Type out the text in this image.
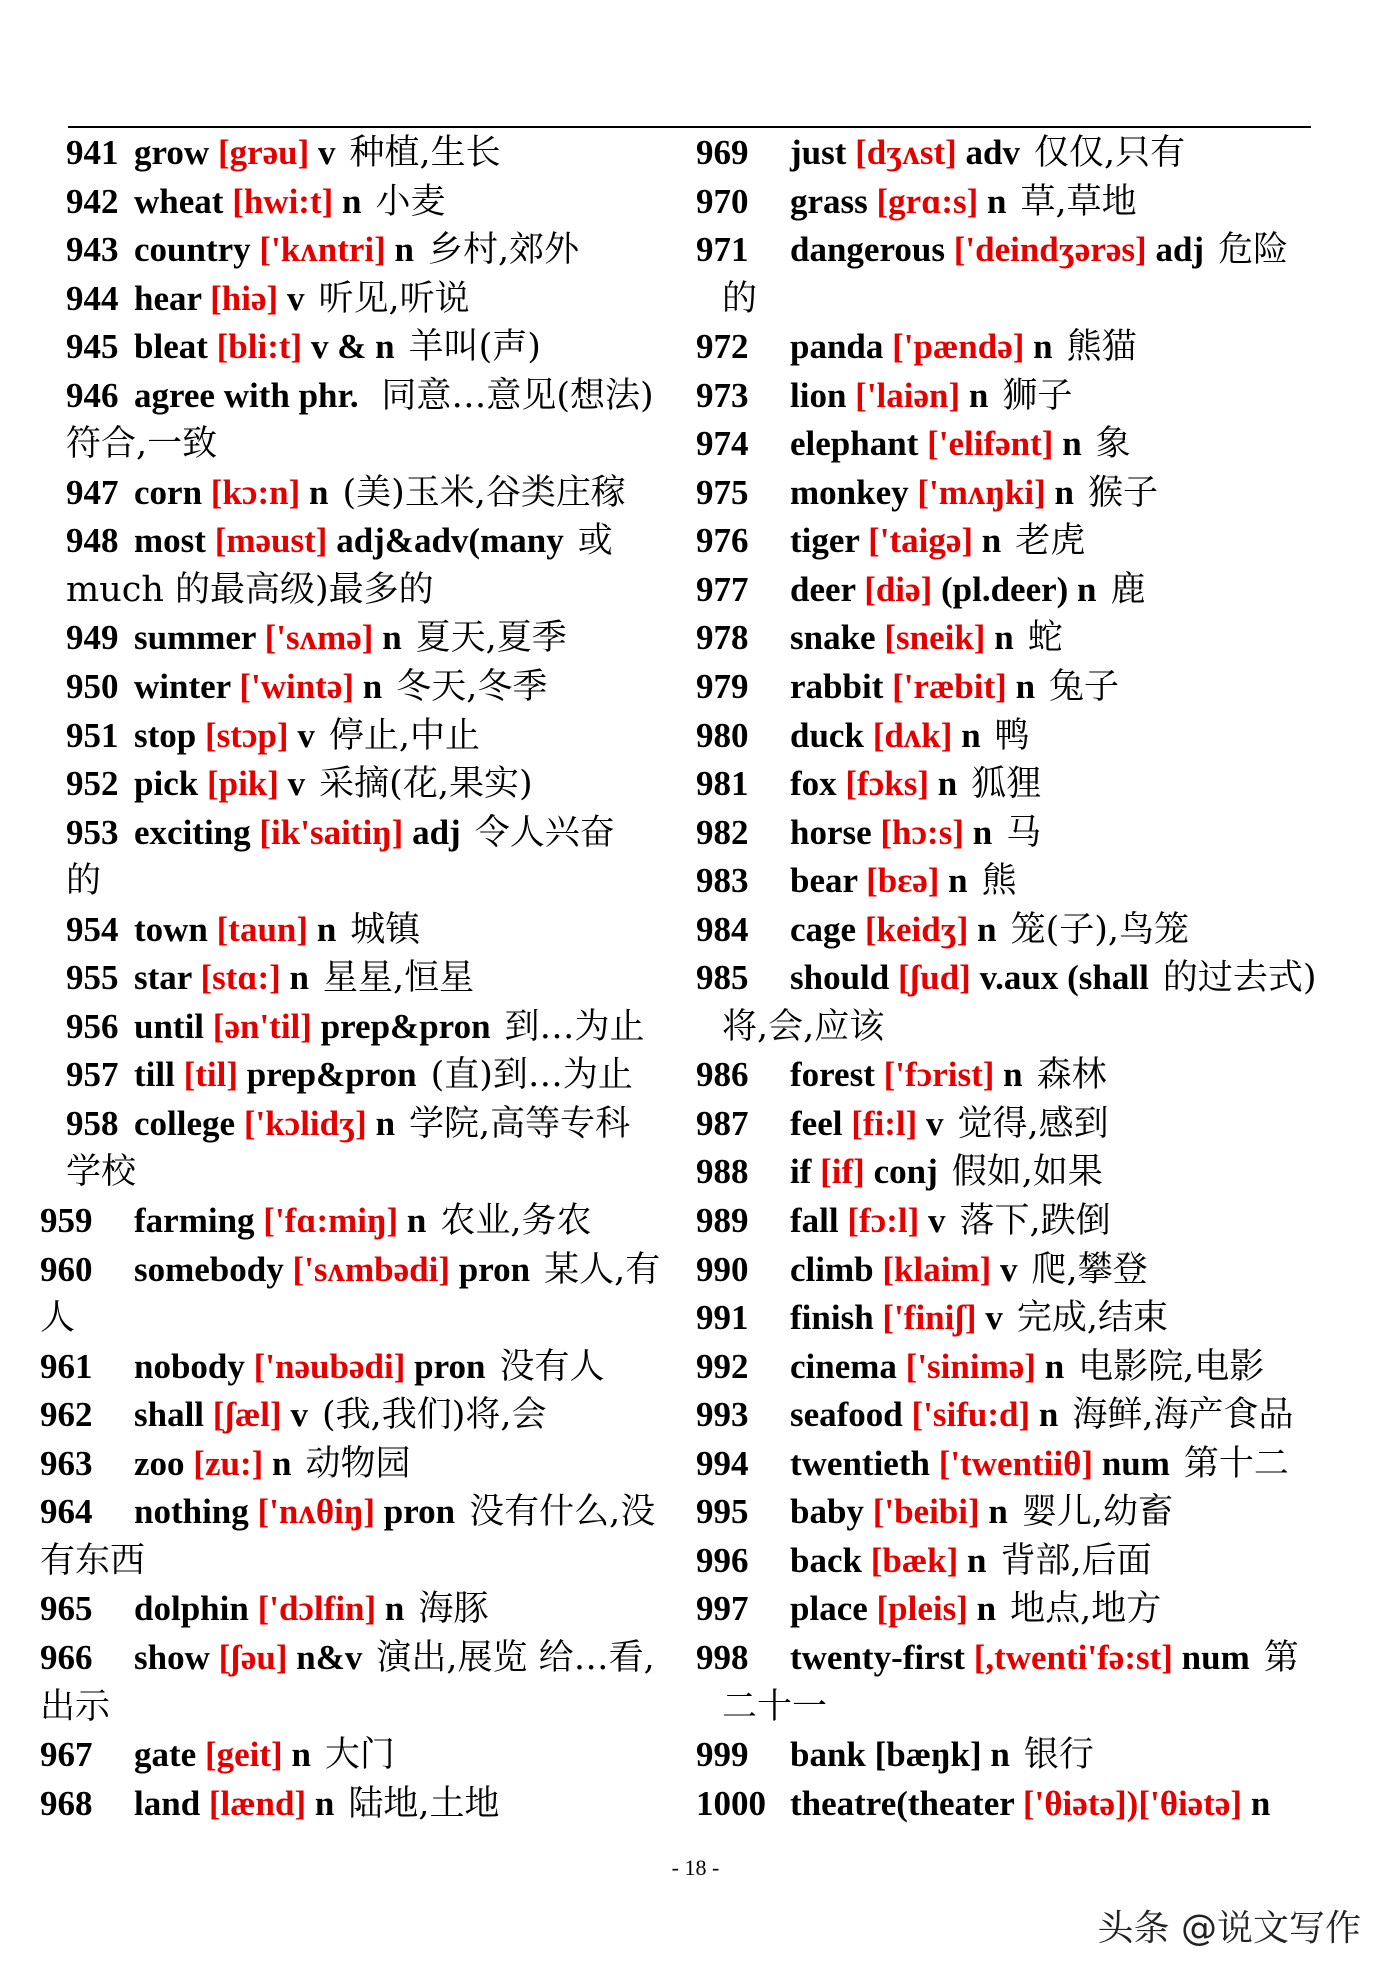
941 grow [grəu] v 种植,生长
942 wheat [hwi:t] n 小麦
943 country ['kʌntri] n 乡村,郊外
944 hear [hiə] v 听见,听说
945 bleat [bli:t] v & n 羊叫(声)
946 agree with phr. 同意…意见(想法)
符合,一致
947 corn [kɔ:n] n (美)玉米,谷类庄稼
948 most [məust] adj&adv(many 或
much 的最高级)最多的
949 summer ['sʌmə] n 夏天,夏季
950 winter ['wintə] n 冬天,冬季
951 stop [stɔp] v 停止,中止
952 pick [pik] v 采摘(花,果实)
953 exciting [ik'saitiŋ] adj 令人兴奋
的
954 town [taun] n 城镇
955 star [stɑ:] n 星星,恒星
956 until [ən'til] prep&pron 到…为止
957 till [til] prep&pron (直)到…为止
958 college ['kɔlidʒ] n 学院,高等专科
学校
959 farming ['fɑ:miŋ] n 农业,务农
960 somebody ['sʌmbədi] pron 某人,有
人
961 nobody ['nəubədi] pron 没有人
962 shall [ʃæl] v (我,我们)将,会
963 zoo [zu:] n 动物园
964 nothing ['nʌθiŋ] pron 没有什么,没
有东西
965 dolphin ['dɔlfin] n 海豚
966 show [ʃəu] n&v 演出,展览 给…看,
出示
967 gate [geit] n 大门
968 land [lænd] n 陆地,土地
969 just [dʒʌst] adv 仅仅,只有
970 grass [grɑ:s] n 草,草地
971 dangerous ['deindʒərəs] adj 危险
的
972 panda ['pændə] n 熊猫
973 lion ['laiən] n 狮子
974 elephant ['elifənt] n 象
975 monkey ['mʌŋki] n 猴子
976 tiger ['taigə] n 老虎
977 deer [diə] (pl.deer) n 鹿
978 snake [sneik] n 蛇
979 rabbit ['ræbit] n 兔子
980 duck [dʌk] n 鸭
981 fox [fɔks] n 狐狸
982 horse [hɔ:s] n 马
983 bear [bɛə] n 熊
984 cage [keidʒ] n 笼(子),鸟笼
985 should [ʃud] v.aux (shall 的过去式)
将,会,应该
986 forest ['fɔrist] n 森林
987 feel [fi:l] v 觉得,感到
988 if [if] conj 假如,如果
989 fall [fɔ:l] v 落下,跌倒
990 climb [klaim] v 爬,攀登
991 finish ['finiʃ] v 完成,结束
992 cinema ['sinimə] n 电影院,电影
993 seafood ['sifu:d] n 海鲜,海产食品
994 twentieth ['twentiiθ] num 第十二
995 baby ['beibi] n 婴儿,幼畜
996 back [bæk] n 背部,后面
997 place [pleis] n 地点,地方
998 twenty-first [,twenti'fə:st] num 第
二十一
999 bank [bæŋk] n 银行
1000 theatre(theater ['θiətə])['θiətə] n
- 18 -
头条 @说文写作
